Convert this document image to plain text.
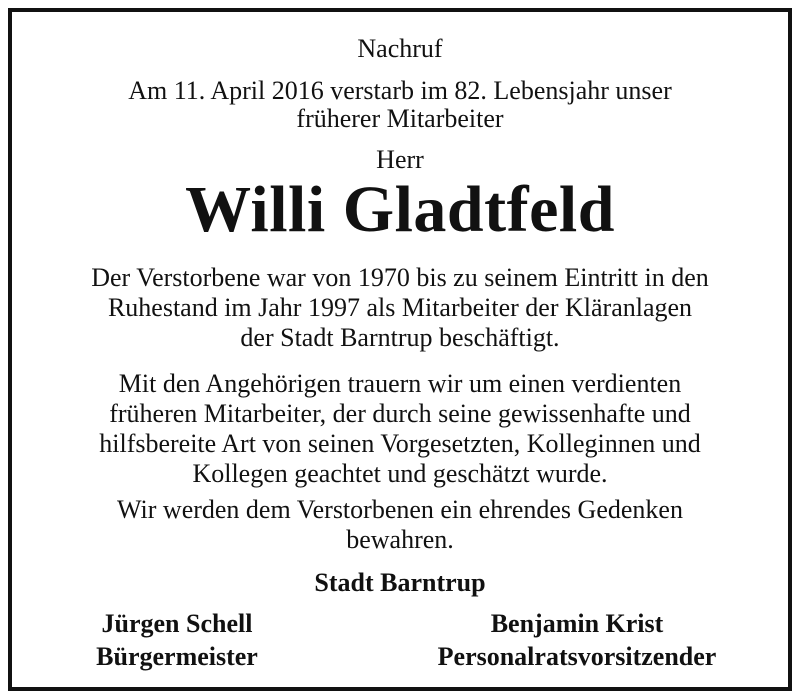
Nachruf
Am 11. April 2016 verstarb im 82. Lebensjahr unser
früherer Mitarbeiter
Herr
Willi Gladtfeld
Der Verstorbene war von 1970 bis zu seinem Eintritt in den
Ruhestand im Jahr 1997 als Mitarbeiter der Kläranlagen
der Stadt Barntrup beschäftigt.
Mit den Angehörigen trauern wir um einen verdienten
früheren Mitarbeiter, der durch seine gewissenhafte und
hilfsbereite Art von seinen Vorgesetzten, Kolleginnen und
Kollegen geachtet und geschätzt wurde.
Wir werden dem Verstorbenen ein ehrendes Gedenken
bewahren.
Stadt Barntrup
Jürgen Schell
Bürgermeister
Benjamin Krist
Personalratsvorsitzender
